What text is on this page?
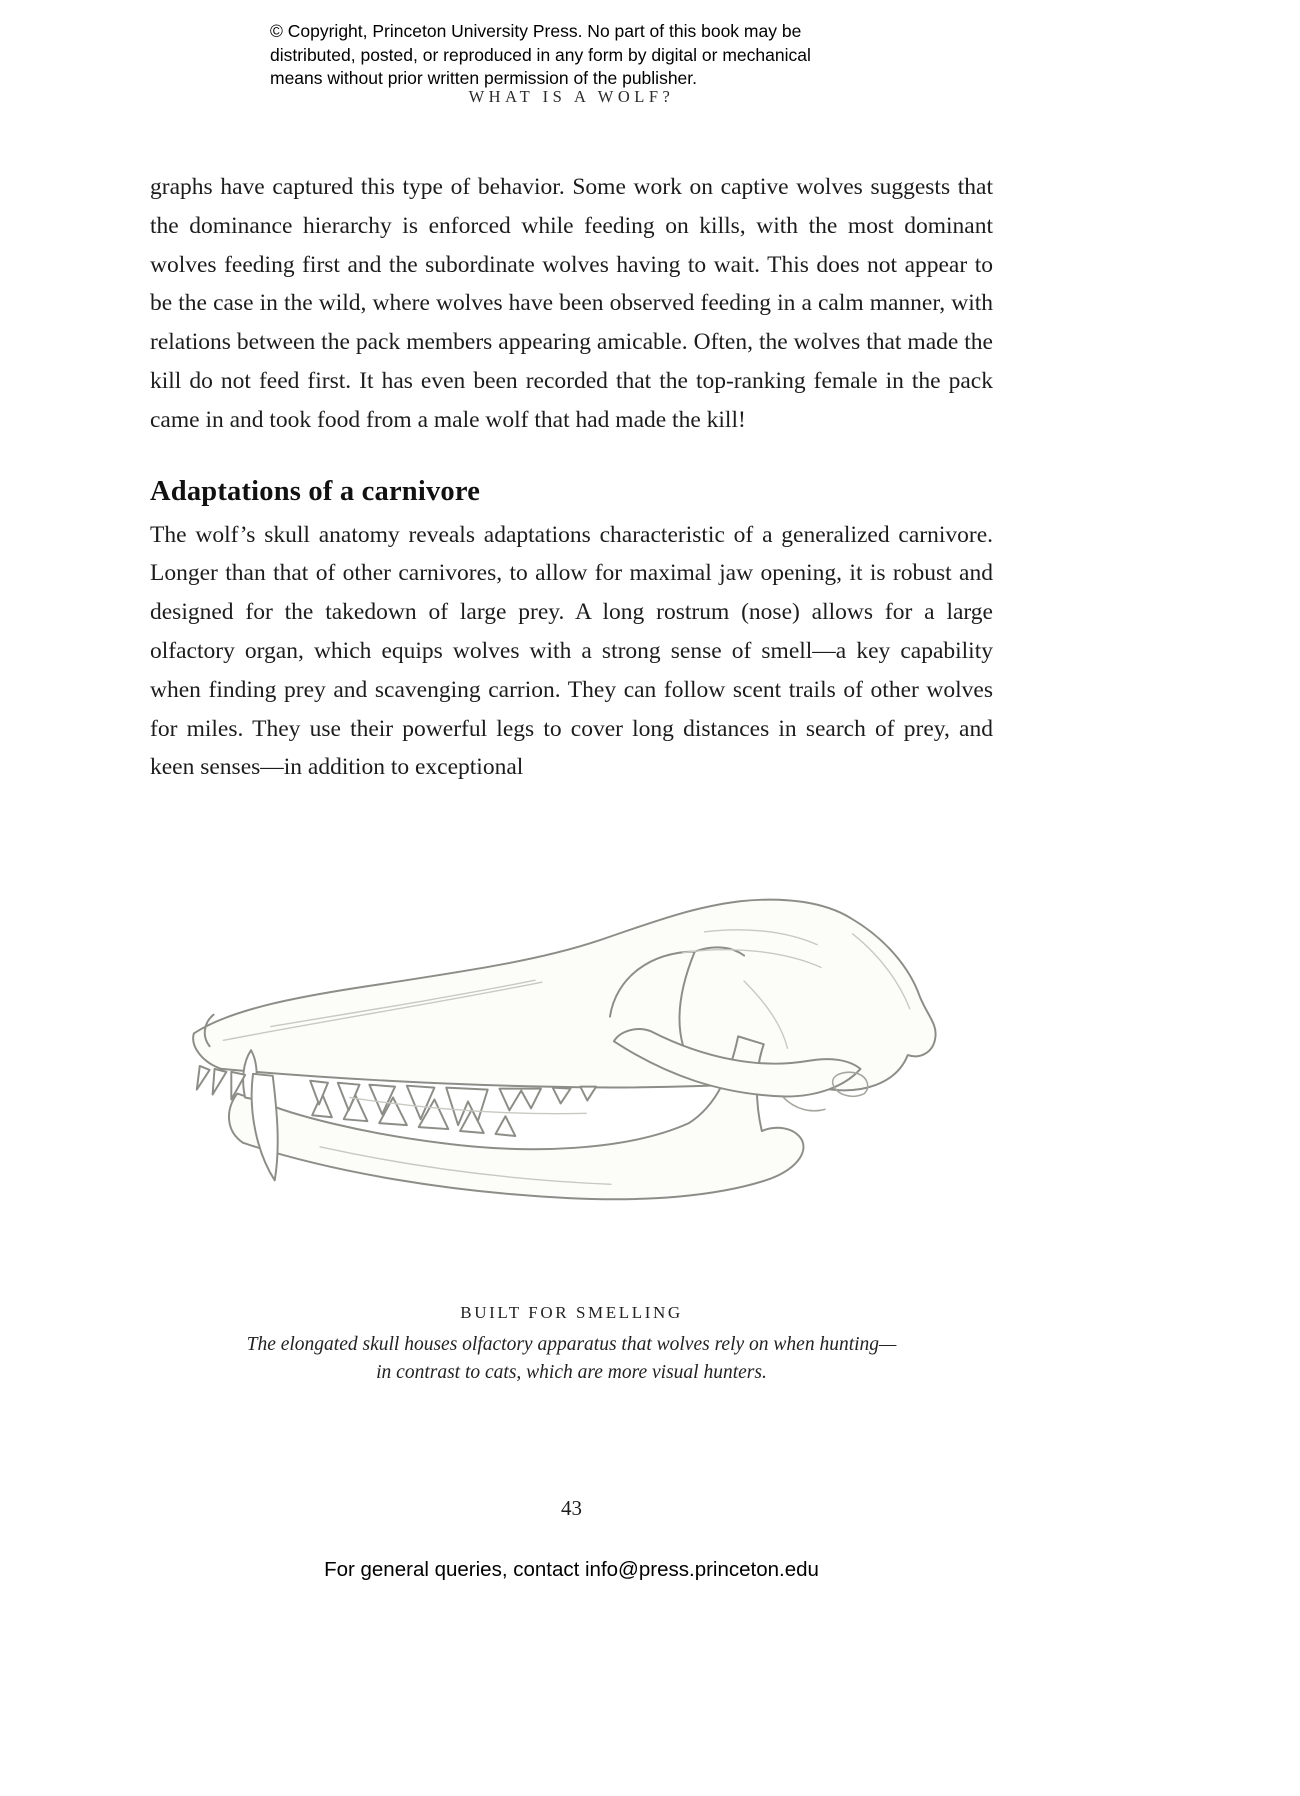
© Copyright, Princeton University Press. No part of this book may be
distributed, posted, or reproduced in any form by digital or mechanical
means without prior written permission of the publisher.
WHAT IS A WOLF?

graphs have captured this type of behavior. Some work on captive wolves suggests that the dominance hierarchy is enforced while feeding on kills, with the most dominant wolves feeding first and the subordinate wolves having to wait. This does not appear to be the case in the wild, where wolves have been observed feeding in a calm manner, with relations between the pack members appearing amicable. Often, the wolves that made the kill do not feed first. It has even been recorded that the top-ranking female in the pack came in and took food from a male wolf that had made the kill!

Adaptations of a carnivore

The wolf’s skull anatomy reveals adaptations characteristic of a generalized carnivore. Longer than that of other carnivores, to allow for maximal jaw opening, it is robust and designed for the takedown of large prey. A long rostrum (nose) allows for a large olfactory organ, which equips wolves with a strong sense of smell—a key capability when finding prey and scavenging carrion. They can follow scent trails of other wolves for miles. They use their powerful legs to cover long distances in search of prey, and keen senses—in addition to exceptional

BUILT FOR SMELLING
The elongated skull houses olfactory apparatus that wolves rely on when hunting—
in contrast to cats, which are more visual hunters.
43
For general queries, contact info@press.princeton.edu
